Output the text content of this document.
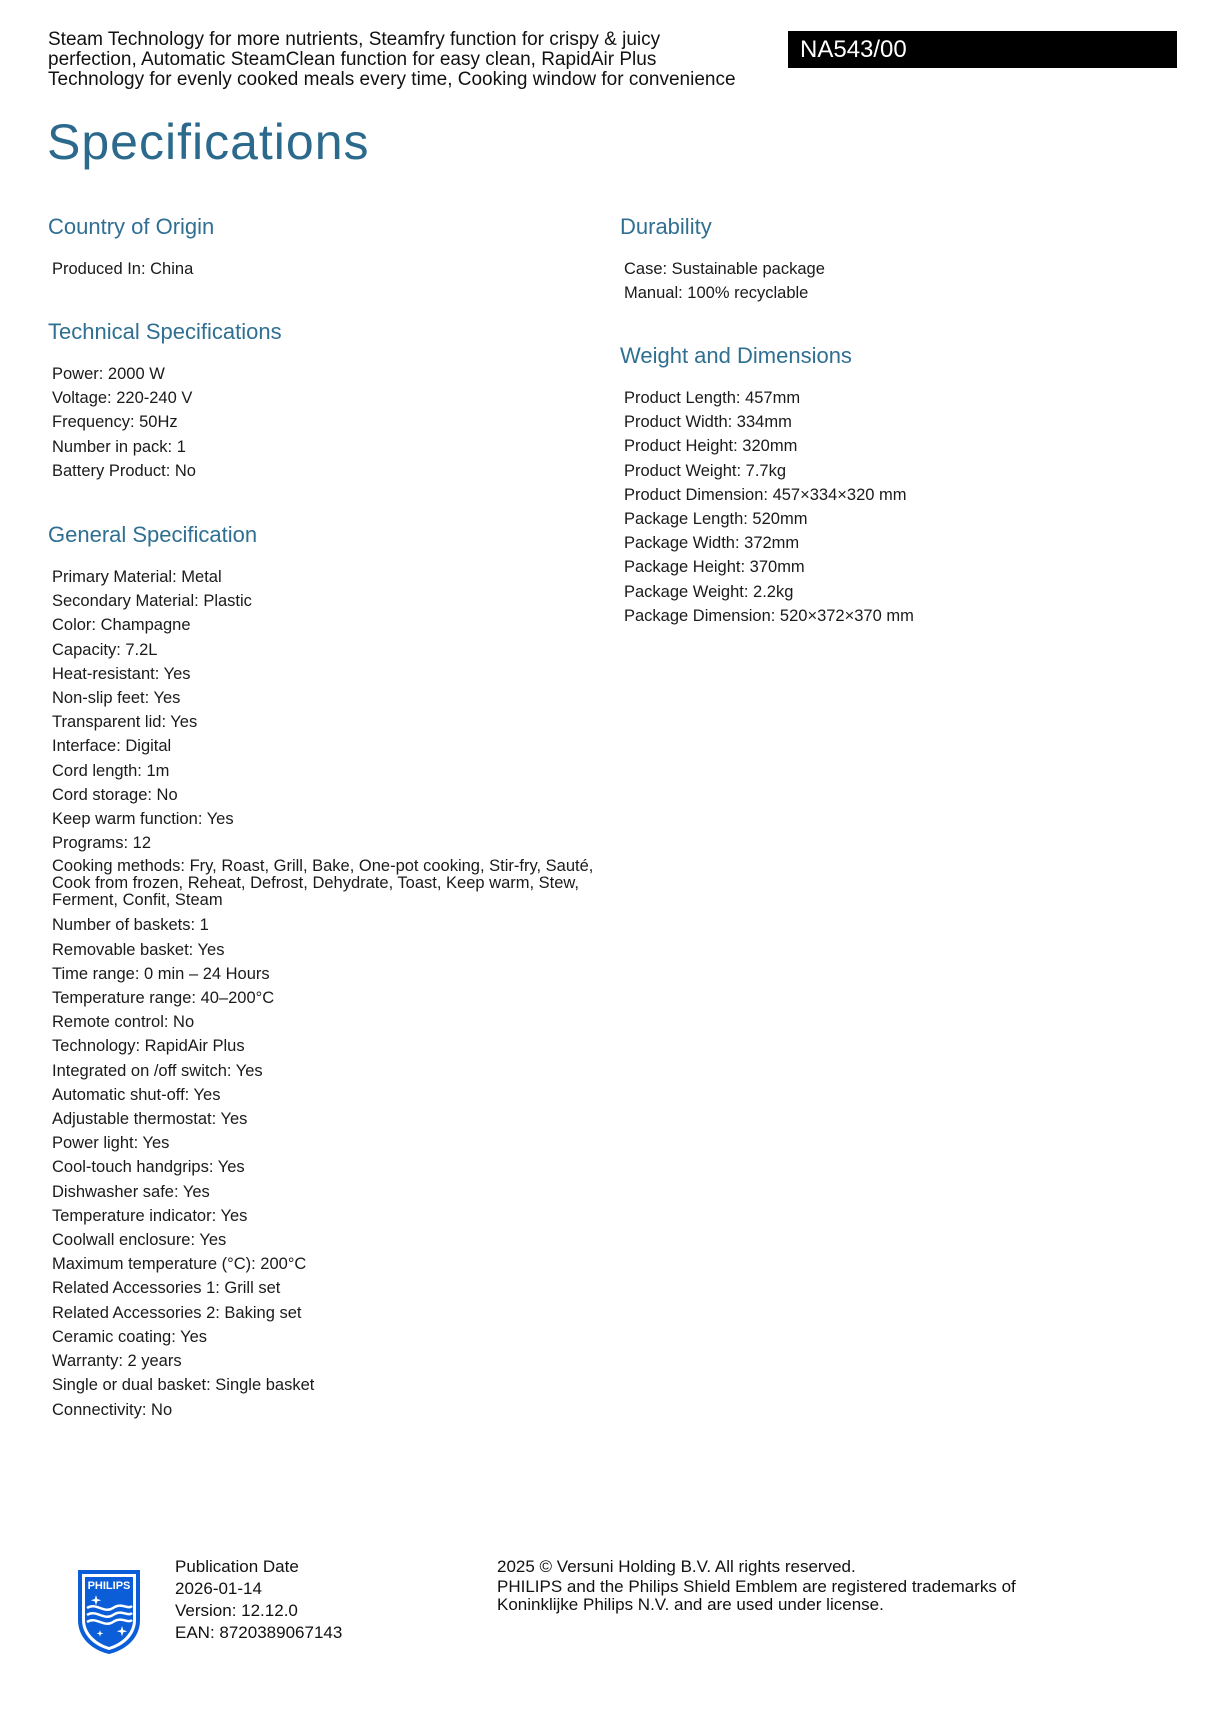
Steam Technology for more nutrients, Steamfry function for crispy & juicy
perfection, Automatic SteamClean function for easy clean, RapidAir Plus
Technology for evenly cooked meals every time, Cooking window for convenience
NA543/00
Specifications
Country of Origin
Produced In: China
Technical Specifications
Power: 2000 W
Voltage: 220-240 V
Frequency: 50Hz
Number in pack: 1
Battery Product: No
General Specification
Primary Material: Metal
Secondary Material: Plastic
Color: Champagne
Capacity: 7.2L
Heat-resistant: Yes
Non-slip feet: Yes
Transparent lid: Yes
Interface: Digital
Cord length: 1m
Cord storage: No
Keep warm function: Yes
Programs: 12
Cooking methods: Fry, Roast, Grill, Bake, One-pot cooking, Stir-fry, Sauté, Cook from frozen, Reheat, Defrost, Dehydrate, Toast, Keep warm, Stew, Ferment, Confit, Steam
Number of baskets: 1
Removable basket: Yes
Time range: 0 min – 24 Hours
Temperature range: 40–200°C
Remote control: No
Technology: RapidAir Plus
Integrated on /off switch: Yes
Automatic shut-off: Yes
Adjustable thermostat: Yes
Power light: Yes
Cool-touch handgrips: Yes
Dishwasher safe: Yes
Temperature indicator: Yes
Coolwall enclosure: Yes
Maximum temperature (°C): 200°C
Related Accessories 1: Grill set
Related Accessories 2: Baking set
Ceramic coating: Yes
Warranty: 2 years
Single or dual basket: Single basket
Connectivity: No
Durability
Case: Sustainable package
Manual: 100% recyclable
Weight and Dimensions
Product Length: 457mm
Product Width: 334mm
Product Height: 320mm
Product Weight: 7.7kg
Product Dimension: 457×334×320 mm
Package Length: 520mm
Package Width: 372mm
Package Height: 370mm
Package Weight: 2.2kg
Package Dimension: 520×372×370 mm
PHILIPS
Publication Date
2026-01-14
Version: 12.12.0
EAN: 8720389067143
2025 © Versuni Holding B.V. All rights reserved.
PHILIPS and the Philips Shield Emblem are registered trademarks of
Koninklijke Philips N.V. and are used under license.
